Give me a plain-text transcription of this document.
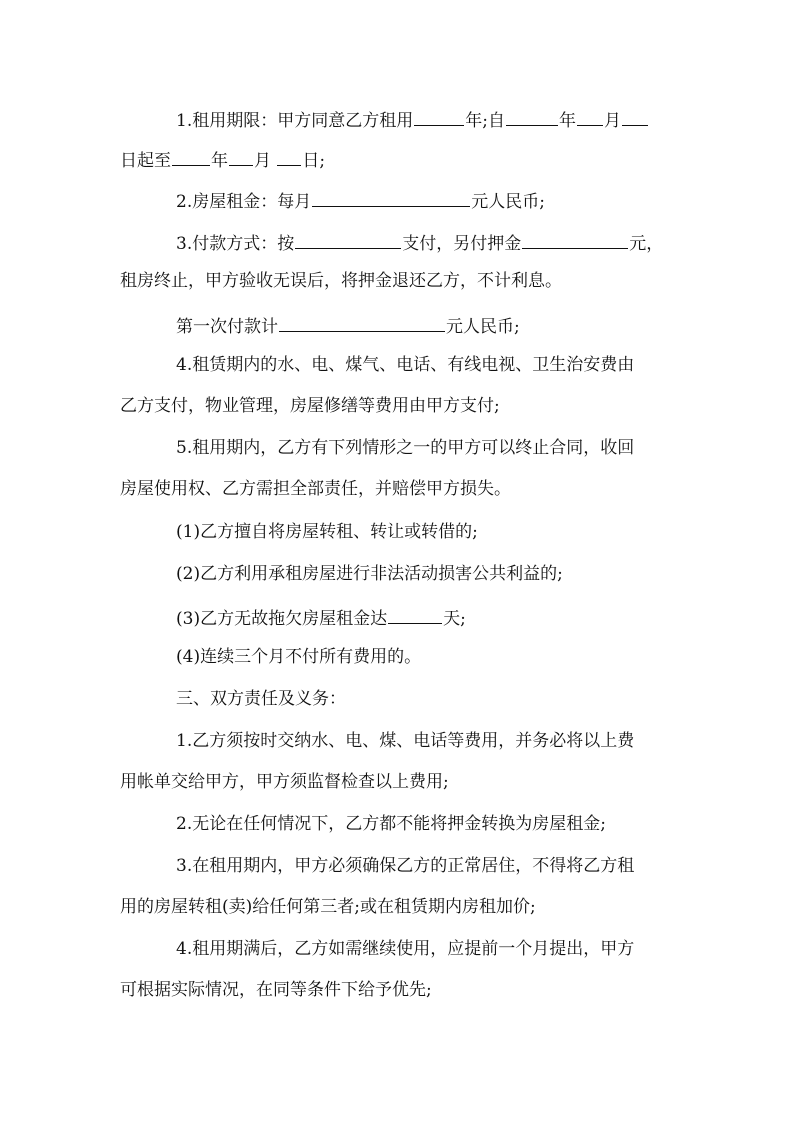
1.租用期限：甲方同意乙方租用	年;自	年 月
日起至 年 月 日;
2.房屋租金：每月	元人民币;
3.付款方式：按	支付，另付押金	元，
租房终止，甲方验收无误后，将押金退还乙方，不计利息。
第一次付款计	元人民币;
4.租赁期内的水、电、煤气、电话、有线电视、卫生治安费由
乙方支付，物业管理，房屋修缮等费用由甲方支付;
5.租用期内，乙方有下列情形之一的甲方可以终止合同，收回
房屋使用权、乙方需担全部责任，并赔偿甲方损失。
(1)乙方擅自将房屋转租、转让或转借的;
(2)乙方利用承租房屋进行非法活动损害公共利益的;
(3)乙方无故拖欠房屋租金达	天;
(4)连续三个月不付所有费用的。
三、双方责任及义务：
1.乙方须按时交纳水、电、煤、电话等费用，并务必将以上费
用帐单交给甲方，甲方须监督检查以上费用;
2.无论在任何情况下，乙方都不能将押金转换为房屋租金;
3.在租用期内，甲方必须确保乙方的正常居住，不得将乙方租
用的房屋转租(卖)给任何第三者;或在租赁期内房租加价;
4.租用期满后，乙方如需继续使用，应提前一个月提出，甲方
可根据实际情况，在同等条件下给予优先;
